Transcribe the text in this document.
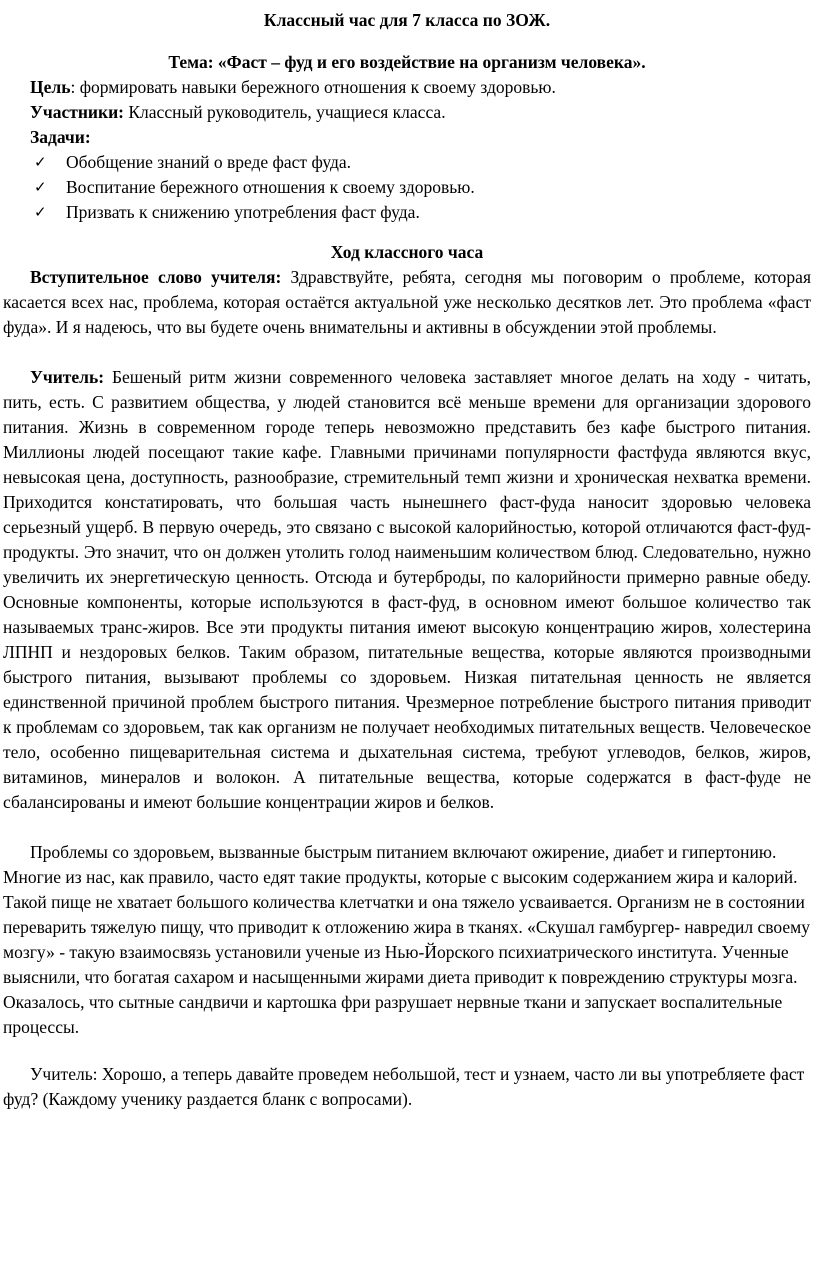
Классный час для 7 класса по ЗОЖ.

Тема: «Фаст – фуд и его воздействие на организм человека».

Цель: формировать навыки бережного отношения к своему здоровью.

Участники: Классный руководитель, учащиеся класса.

Задачи:

✓ Обобщение знаний о вреде фаст фуда.
✓ Воспитание бережного отношения к своему здоровью.
✓ Призвать к снижению употребления фаст фуда.

Ход классного часа

Вступительное слово учителя: Здравствуйте, ребята, сегодня мы поговорим о проблеме, которая касается всех нас, проблема, которая остаётся актуальной уже несколько десятков лет. Это проблема «фаст фуда». И я надеюсь, что вы будете очень внимательны и активны в обсуждении этой проблемы.

Учитель: Бешеный ритм жизни современного человека заставляет многое делать на ходу - читать, пить, есть. С развитием общества, у людей становится всё меньше времени для организации здорового питания. Жизнь в современном городе теперь невозможно представить без кафе быстрого питания. Миллионы людей посещают такие кафе. Главными причинами популярности фастфуда являются вкус, невысокая цена, доступность, разнообразие, стремительный темп жизни и хроническая нехватка времени. Приходится констатировать, что большая часть нынешнего фаст-фуда наносит здоровью человека серьезный ущерб. В первую очередь, это связано с высокой калорийностью, которой отличаются фаст-фуд-продукты. Это значит, что он должен утолить голод наименьшим количеством блюд. Следовательно, нужно увеличить их энергетическую ценность. Отсюда и бутерброды, по калорийности примерно равные обеду. Основные компоненты, которые используются в фаст-фуд, в основном имеют большое количество так называемых транс-жиров. Все эти продукты питания имеют высокую концентрацию жиров, холестерина ЛПНП и нездоровых белков. Таким образом, питательные вещества, которые являются производными быстрого питания, вызывают проблемы со здоровьем. Низкая питательная ценность не является единственной причиной проблем быстрого питания. Чрезмерное потребление быстрого питания приводит к проблемам со здоровьем, так как организм не получает необходимых питательных веществ. Человеческое тело, особенно пищеварительная система и дыхательная система, требуют углеводов, белков, жиров, витаминов, минералов и волокон. А питательные вещества, которые содержатся в фаст-фуде не сбалансированы и имеют большие концентрации жиров и белков.

Проблемы со здоровьем, вызванные быстрым питанием включают ожирение, диабет и гипертонию. Многие из нас, как правило, часто едят такие продукты, которые с высоким содержанием жира и калорий. Такой пище не хватает большого количества клетчатки и она тяжело усваивается. Организм не в состоянии переварить тяжелую пищу, что приводит к отложению жира в тканях. «Скушал гамбургер- навредил своему мозгу» - такую взаимосвязь установили ученые из Нью-Йорского психиатрического института. Ученные выяснили, что богатая сахаром и насыщенными жирами диета приводит к повреждению структуры мозга. Оказалось, что сытные сандвичи и картошка фри разрушает нервные ткани и запускает воспалительные процессы.

Учитель: Хорошо, а теперь давайте проведем небольшой, тест и узнаем, часто ли вы употребляете фаст фуд? (Каждому ученику раздается бланк с вопросами).
